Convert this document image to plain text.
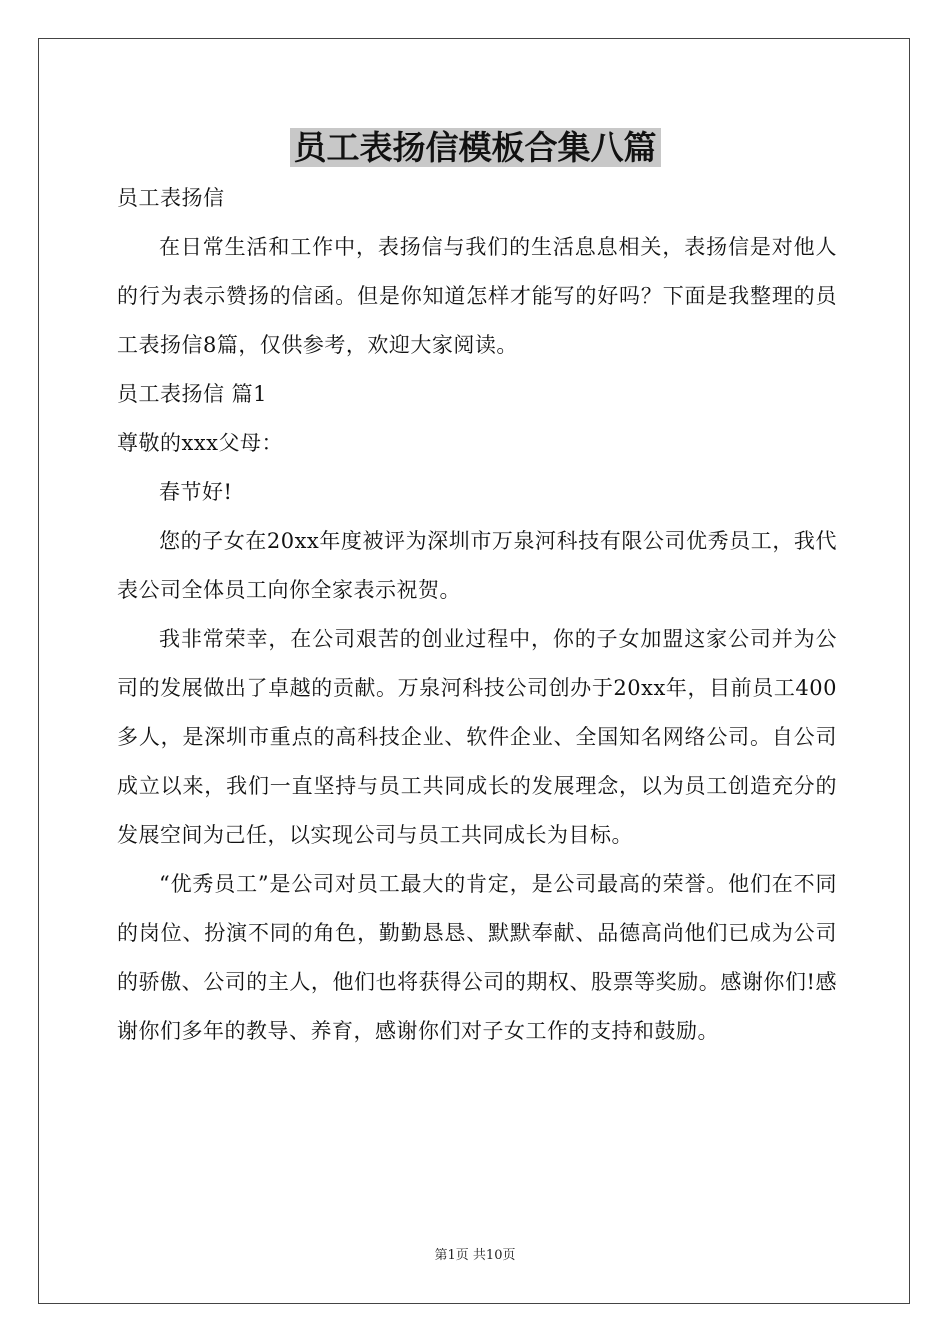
员工表扬信模板合集八篇

员工表扬信

在日常生活和工作中，表扬信与我们的生活息息相关，表扬信是对他人的行为表示赞扬的信函。但是你知道怎样才能写的好吗？下面是我整理的员工表扬信8篇，仅供参考，欢迎大家阅读。

员工表扬信 篇1

尊敬的xxx父母：

春节好!

您的子女在20xx年度被评为深圳市万泉河科技有限公司优秀员工，我代表公司全体员工向你全家表示祝贺。

我非常荣幸，在公司艰苦的创业过程中，你的子女加盟这家公司并为公司的发展做出了卓越的贡献。万泉河科技公司创办于20xx年，目前员工400多人，是深圳市重点的高科技企业、软件企业、全国知名网络公司。自公司成立以来，我们一直坚持与员工共同成长的发展理念，以为员工创造充分的发展空间为己任，以实现公司与员工共同成长为目标。

“优秀员工”是公司对员工最大的肯定，是公司最高的荣誉。他们在不同的岗位、扮演不同的角色，勤勤恳恳、默默奉献、品德高尚他们已成为公司的骄傲、公司的主人，他们也将获得公司的期权、股票等奖励。感谢你们!感谢你们多年的教导、养育，感谢你们对子女工作的支持和鼓励。

第1页 共10页
